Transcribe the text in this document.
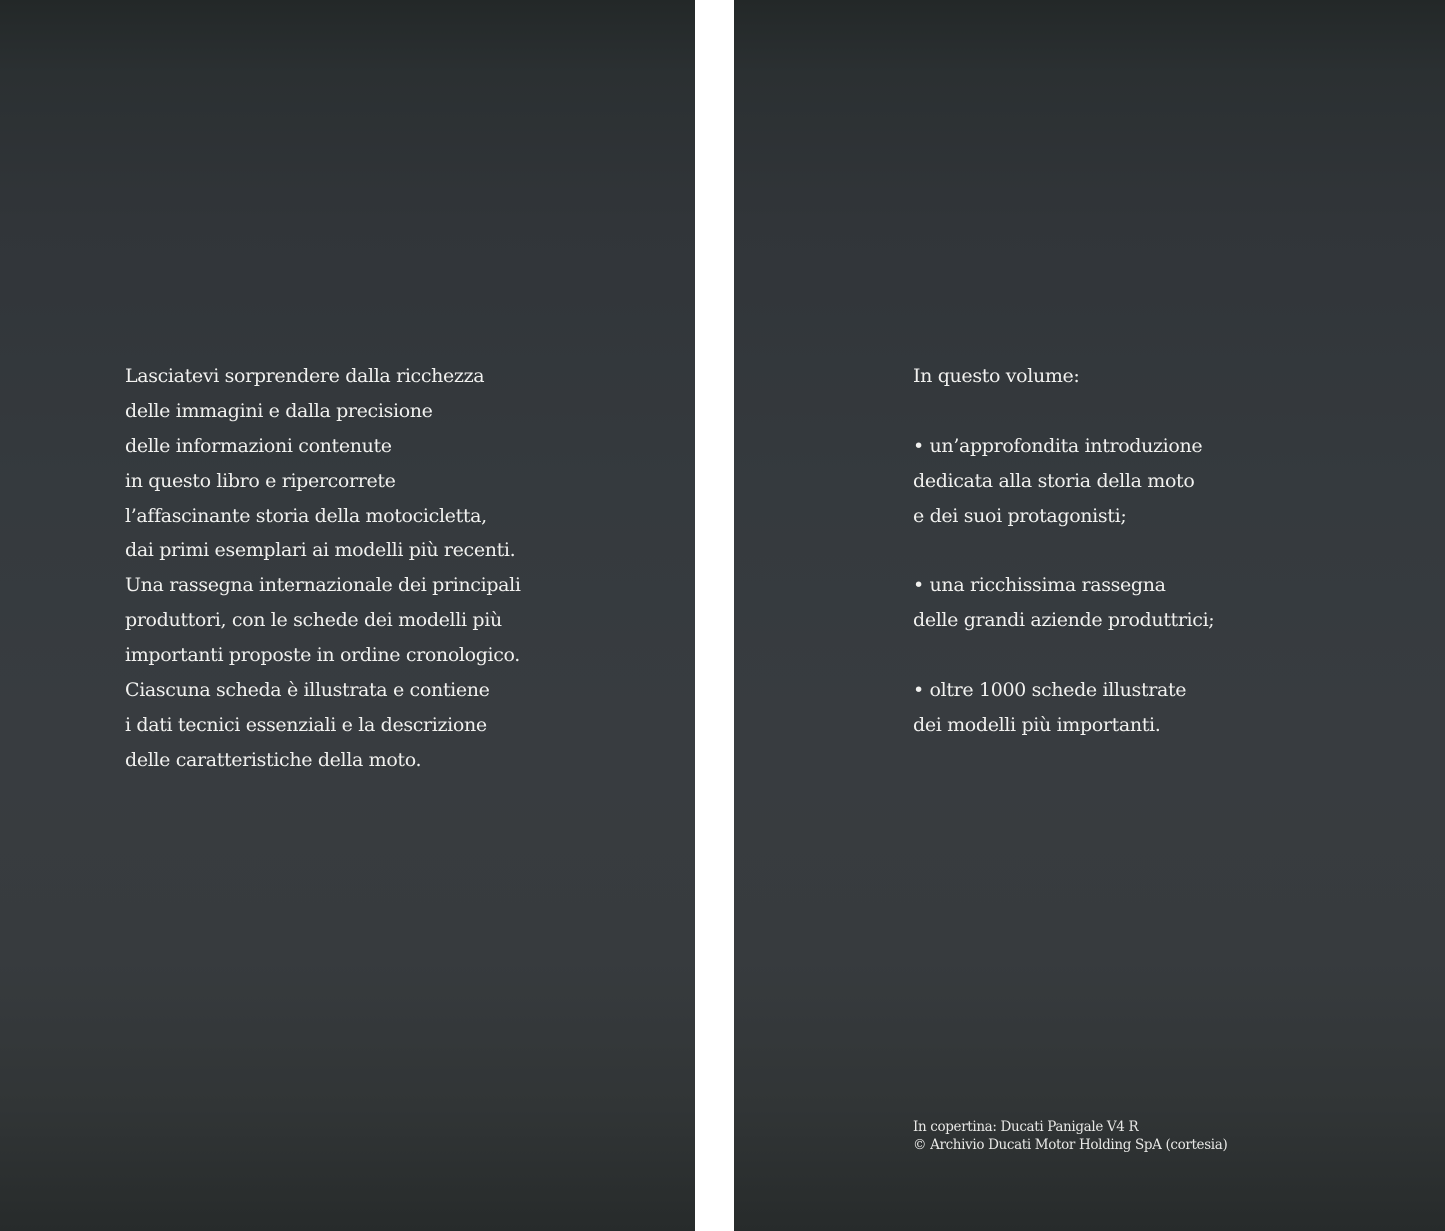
Lasciatevi sorprendere dalla ricchezza
delle immagini e dalla precisione
delle informazioni contenute
in questo libro e ripercorrete
l’affascinante storia della motocicletta,
dai primi esemplari ai modelli più recenti.
Una rassegna internazionale dei principali
produttori, con le schede dei modelli più
importanti proposte in ordine cronologico.
Ciascuna scheda è illustrata e contiene
i dati tecnici essenziali e la descrizione
delle caratteristiche della moto.
In questo volume:
• un’approfondita introduzione
dedicata alla storia della moto
e dei suoi protagonisti;
• una ricchissima rassegna
delle grandi aziende produttrici;
• oltre 1000 schede illustrate
dei modelli più importanti.
In copertina: Ducati Panigale V4 R
© Archivio Ducati Motor Holding SpA (cortesia)
